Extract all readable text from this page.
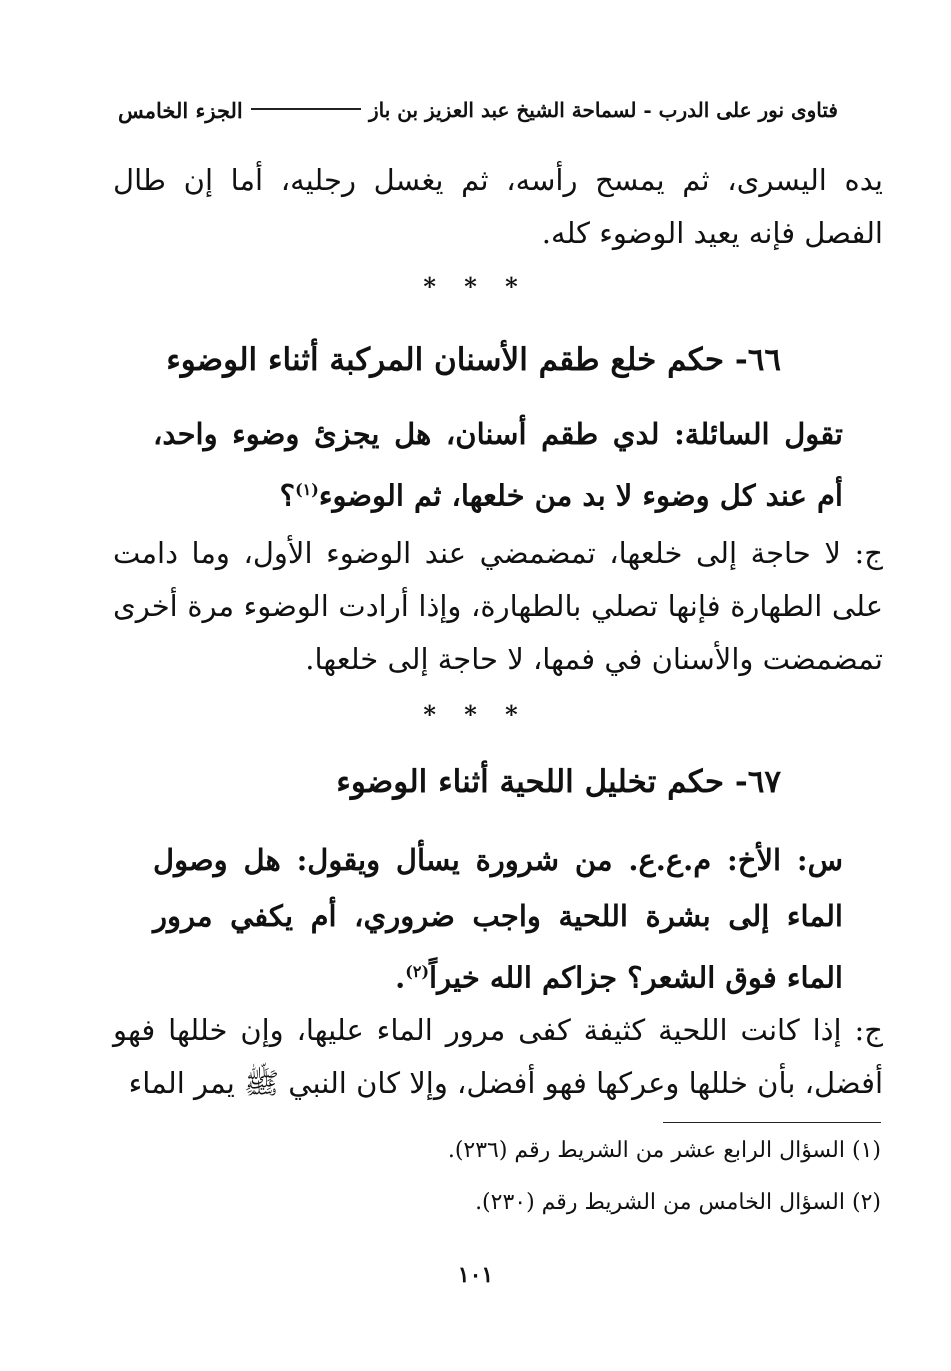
فتاوى نور على الدرب - لسماحة الشيخ عبد العزيز بن باز
الجزء الخامس
يده اليسرى، ثم يمسح رأسه، ثم يغسل رجليه، أما إن طال الفصل فإنه يعيد الوضوء كله.
* * *
٦٦- حكم خلع طقم الأسنان المركبة أثناء الوضوء
تقول السائلة: لدي طقم أسنان، هل يجزئ وضوء واحد، أم عند كل وضوء لا بد من خلعها، ثم الوضوء$^{(١)}$؟
ج: لا حاجة إلى خلعها، تمضمضي عند الوضوء الأول، وما دامت على الطهارة فإنها تصلي بالطهارة، وإذا أرادت الوضوء مرة أخرى تمضمضت والأسنان في فمها، لا حاجة إلى خلعها.
* * *
٦٧- حكم تخليل اللحية أثناء الوضوء
س: الأخ: م.ع.ع. من شرورة يسأل ويقول: هل وصول الماء إلى بشرة اللحية واجب ضروري، أم يكفي مرور الماء فوق الشعر؟ جزاكم الله خيراً$^{(٢)}$.
ج: إذا كانت اللحية كثيفة كفى مرور الماء عليها، وإن خللها فهو أفضل، بأن خللها وعركها فهو أفضل، وإلا كان النبي ﷺ يمر الماء
(١) السؤال الرابع عشر من الشريط رقم (٢٣٦).
(٢) السؤال الخامس من الشريط رقم (٢٣٠).
١٠١
